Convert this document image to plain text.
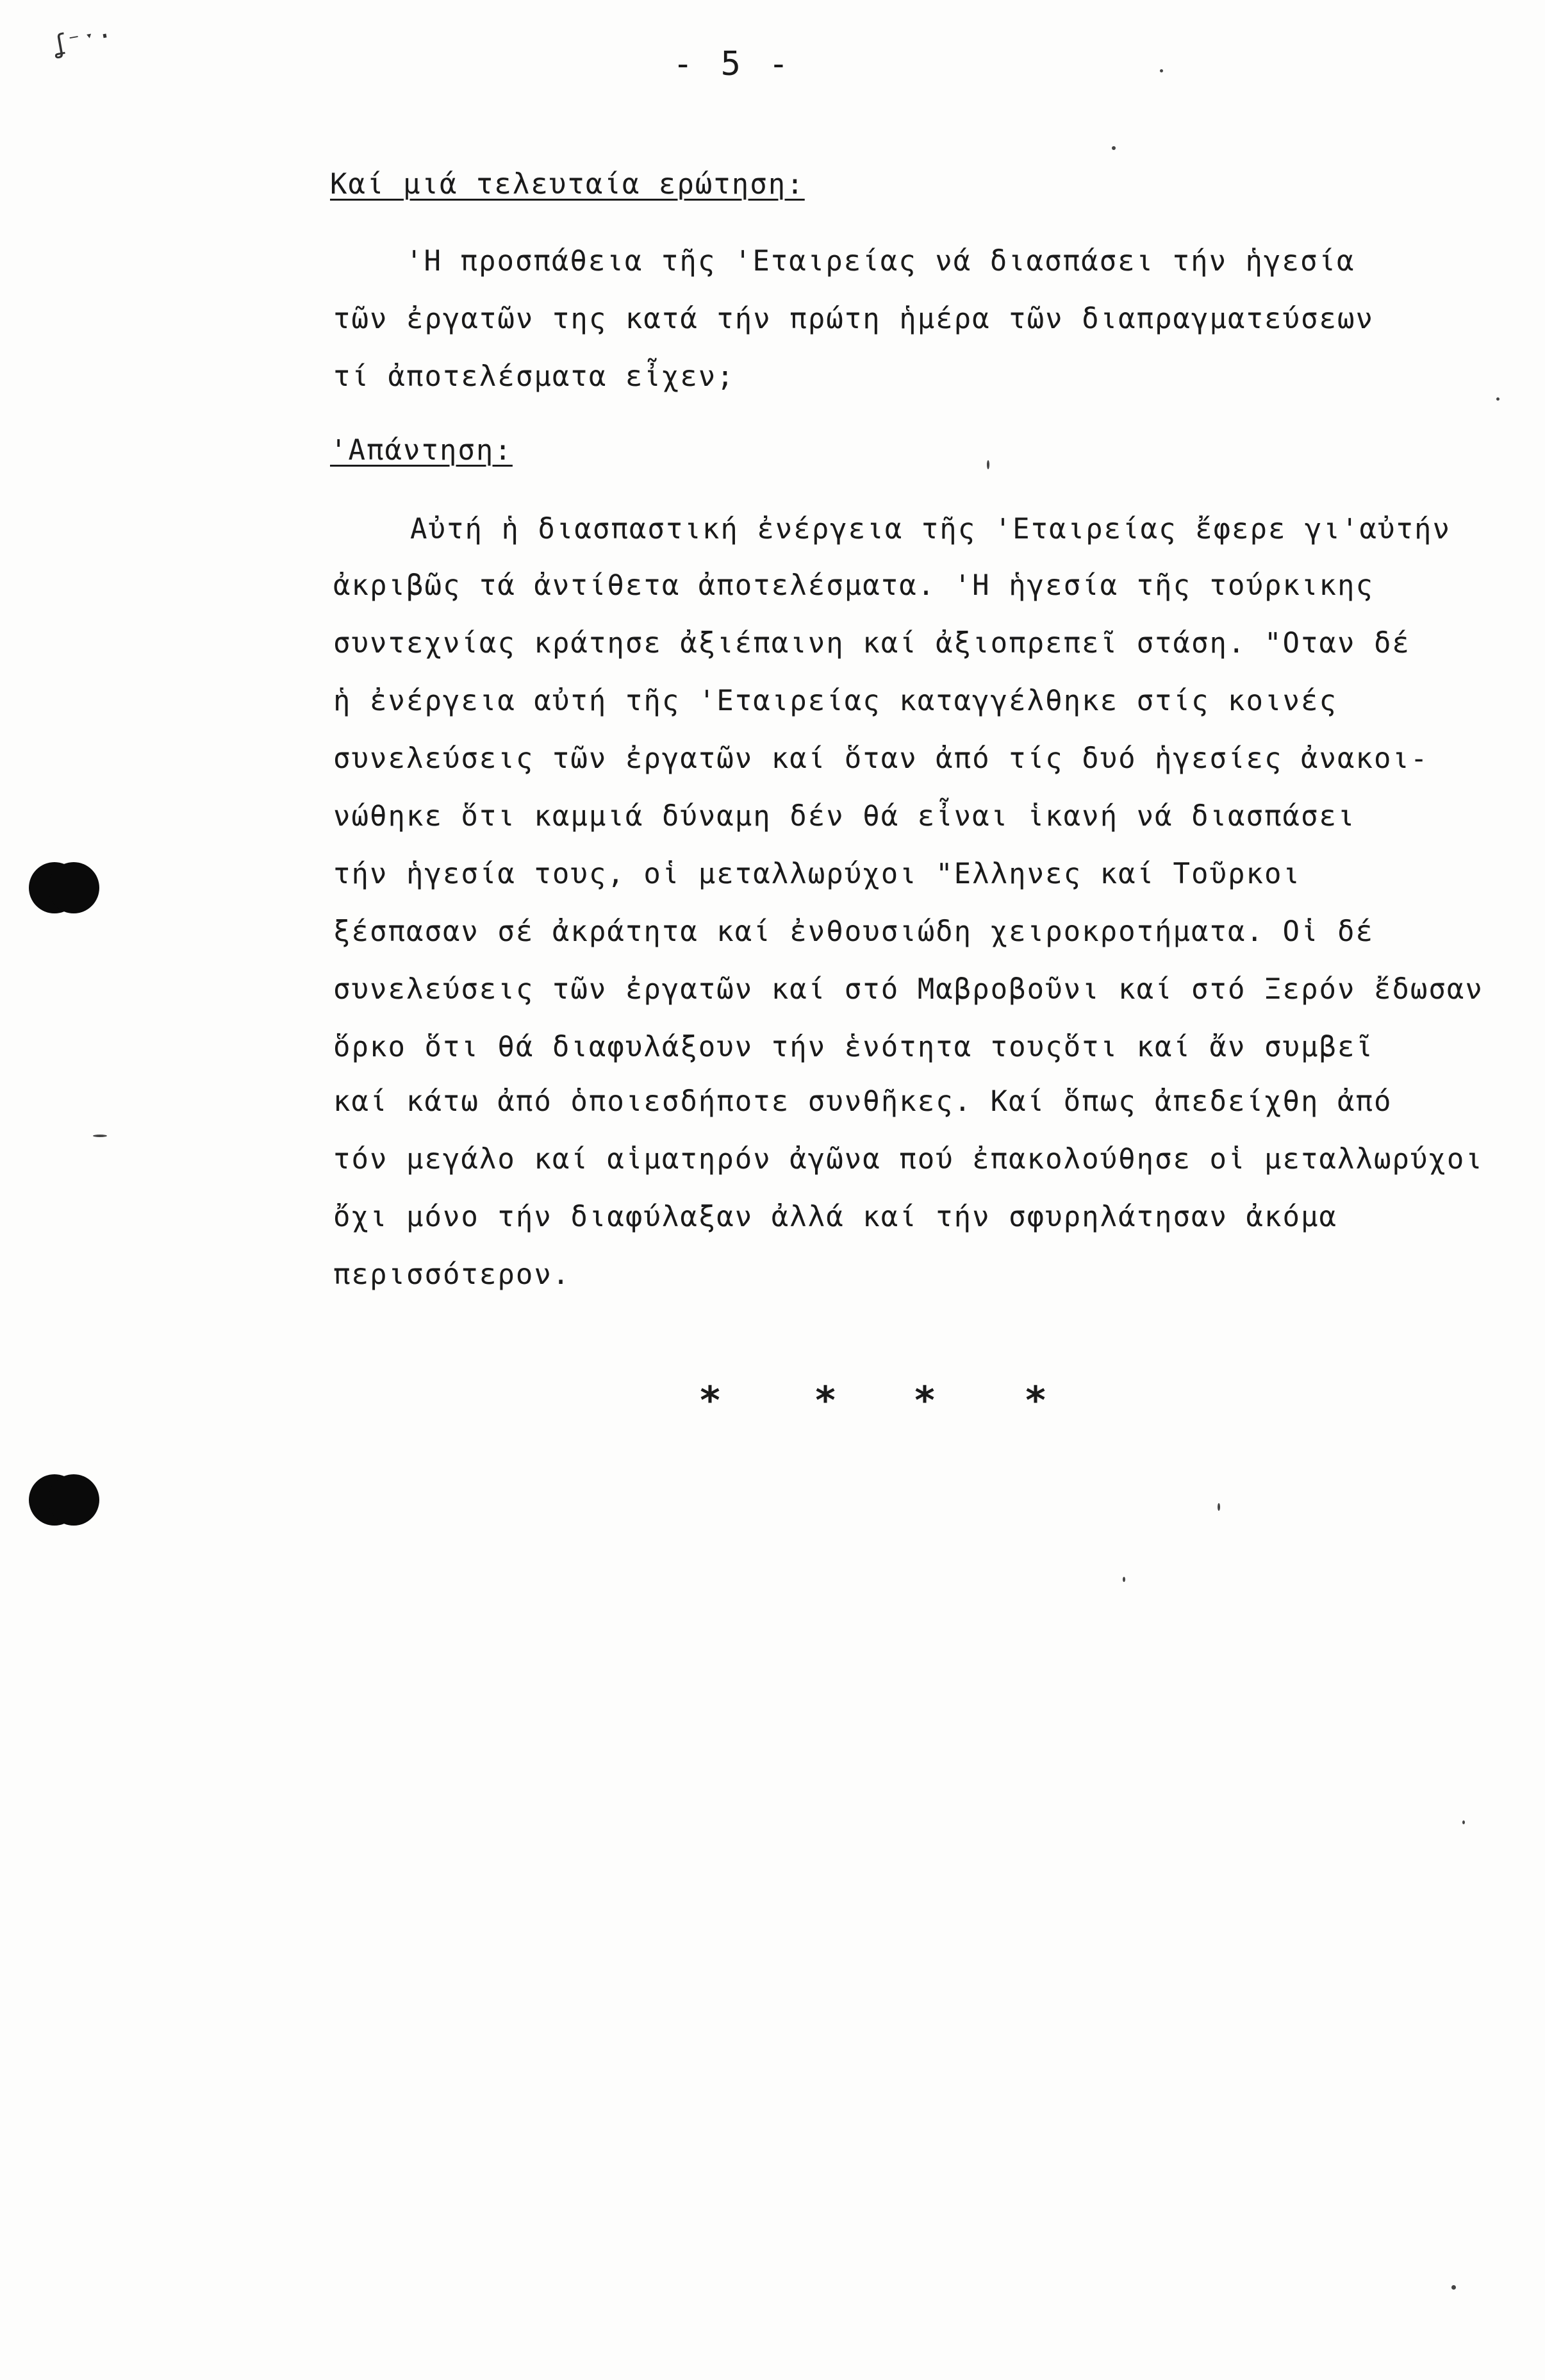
ʆ⁻ˑ·
- 5 -
Καί μιά τελευταία ερώτηση:
'Η προσπάθεια τῆς 'Εταιρείας νά διασπάσει τήν ἡγεσία
τῶν ἐργατῶν της κατά τήν πρώτη ἡμέρα τῶν διαπραγματεύσεων
τί ἀποτελέσματα εἶχεν;
'Απάντηση:
Αὐτή ἡ διασπαστική ἐνέργεια τῆς 'Εταιρείας ἔφερε γι'αὐτήν
ἀκριβῶς τά ἀντίθετα ἀποτελέσματα. 'Η ἡγεσία τῆς τούρκικης
συντεχνίας κράτησε ἀξιέπαινη καί ἀξιοπρεπεῖ στάση. "Οταν δέ
ἡ ἐνέργεια αὐτή τῆς 'Εταιρείας καταγγέλθηκε στίς κοινές
συνελεύσεις τῶν ἐργατῶν καί ὅταν ἀπό τίς δυό ἡγεσίες ἀνακοι-
νώθηκε ὅτι καμμιά δύναμη δέν θά εἶναι ἱκανή νά διασπάσει
τήν ἡγεσία τους, οἱ μεταλλωρύχοι "Ελληνες καί Τοῦρκοι
ξέσπασαν σέ ἀκράτητα καί ἐνθουσιώδη χειροκροτήματα. Οἱ δέ
συνελεύσεις τῶν ἐργατῶν καί στό Μαβροβοῦνι καί στό Ξερόν ἔδωσαν
ὅρκο ὅτι θά διαφυλάξουν τήν ἑνότητα τουςὅτι καί ἄν συμβεῖ
καί κάτω ἀπό ὁποιεσδήποτε συνθῆκες. Καί ὅπως ἀπεδείχθη ἀπό
τόν μεγάλο καί αἱματηρόν ἀγῶνα πού ἐπακολούθησε οἱ μεταλλωρύχοι
ὄχι μόνο τήν διαφύλαξαν ἀλλά καί τήν σφυρηλάτησαν ἀκόμα
περισσότερον.
* * * *
